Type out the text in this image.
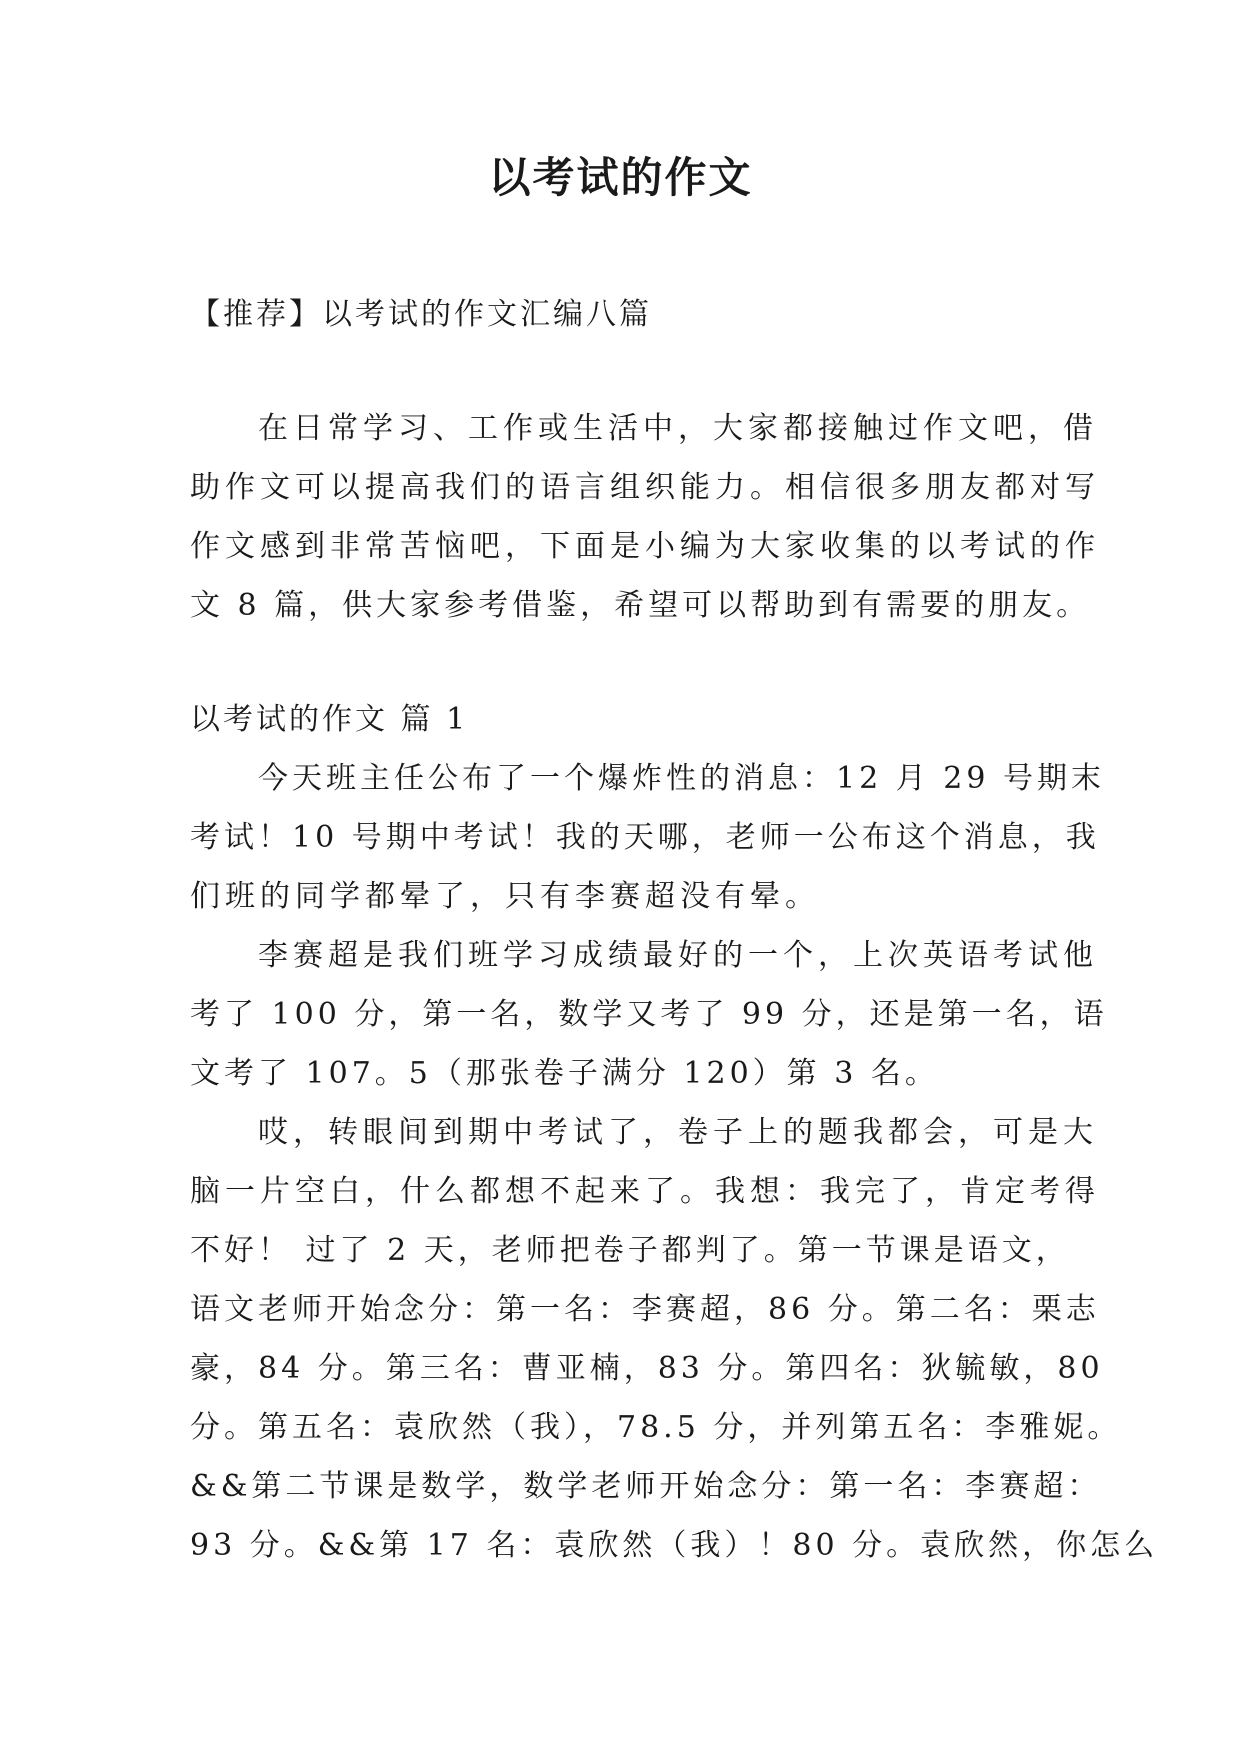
以考试的作文
【推荐】以考试的作文汇编八篇
在日常学习、工作或生活中，大家都接触过作文吧，借
助作文可以提高我们的语言组织能力。相信很多朋友都对写
作文感到非常苦恼吧，下面是小编为大家收集的以考试的作
文 8 篇，供大家参考借鉴，希望可以帮助到有需要的朋友。
以考试的作文 篇 1
今天班主任公布了一个爆炸性的消息：12 月 29 号期末
考试！10 号期中考试！我的天哪，老师一公布这个消息，我
们班的同学都晕了，只有李赛超没有晕。
李赛超是我们班学习成绩最好的一个，上次英语考试他
考了 100 分，第一名，数学又考了 99 分，还是第一名，语
文考了 107。5（那张卷子满分 120）第 3 名。
哎，转眼间到期中考试了，卷子上的题我都会，可是大
脑一片空白，什么都想不起来了。我想：我完了，肯定考得
不好！ 过了 2 天，老师把卷子都判了。第一节课是语文，
语文老师开始念分：第一名：李赛超，86 分。第二名：栗志
豪，84 分。第三名：曹亚楠，83 分。第四名：狄毓敏，80
分。第五名：袁欣然（我），78.5 分，并列第五名：李雅妮。
&&第二节课是数学，数学老师开始念分：第一名：李赛超：
93 分。&&第 17 名：袁欣然（我）！80 分。袁欣然，你怎么
